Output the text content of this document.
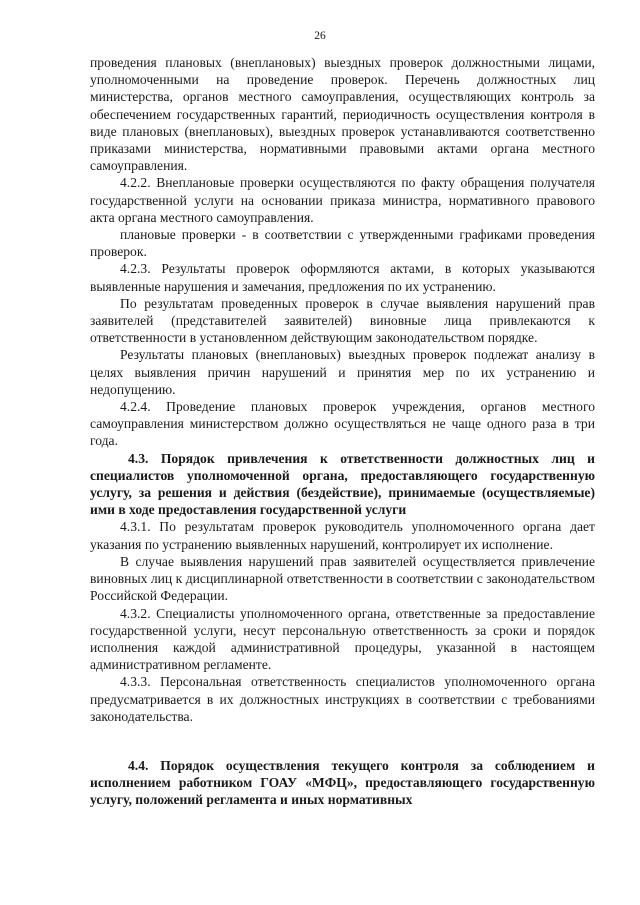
26

проведения плановых (внеплановых) выездных проверок должностными лицами, уполномоченными на проведение проверок. Перечень должностных лиц министерства, органов местного самоуправления, осуществляющих контроль за обеспечением государственных гарантий, периодичность осуществления контроля в виде плановых (внеплановых), выездных проверок устанавливаются соответственно приказами министерства, нормативными правовыми актами органа местного самоуправления.

4.2.2. Внеплановые проверки осуществляются по факту обращения получателя государственной услуги на основании приказа министра, нормативного правового акта органа местного самоуправления.

плановые проверки - в соответствии с утвержденными графиками проведения проверок.

4.2.3. Результаты проверок оформляются актами, в которых указываются выявленные нарушения и замечания, предложения по их устранению.

По результатам проведенных проверок в случае выявления нарушений прав заявителей (представителей заявителей) виновные лица привлекаются к ответственности в установленном действующим законодательством порядке.

Результаты плановых (внеплановых) выездных проверок подлежат анализу в целях выявления причин нарушений и принятия мер по их устранению и недопущению.

4.2.4. Проведение плановых проверок учреждения, органов местного самоуправления министерством должно осуществляться не чаще одного раза в три года.

4.3. Порядок привлечения к ответственности должностных лиц и специалистов уполномоченной органа, предоставляющего государственную услугу, за решения и действия (бездействие), принимаемые (осуществляемые) ими в ходе предоставления государственной услуги

4.3.1. По результатам проверок руководитель уполномоченного органа дает указания по устранению выявленных нарушений, контролирует их исполнение.

В случае выявления нарушений прав заявителей осуществляется привлечение виновных лиц к дисциплинарной ответственности в соответствии с законодательством Российской Федерации.

4.3.2. Специалисты уполномоченного органа, ответственные за предоставление государственной услуги, несут персональную ответственность за сроки и порядок исполнения каждой административной процедуры, указанной в настоящем административном регламенте.

4.3.3. Персональная ответственность специалистов уполномоченного органа предусматривается в их должностных инструкциях в соответствии с требованиями законодательства.

4.4. Порядок осуществления текущего контроля за соблюдением и исполнением работником ГОАУ «МФЦ», предоставляющего государственную услугу, положений регламента и иных нормативных
